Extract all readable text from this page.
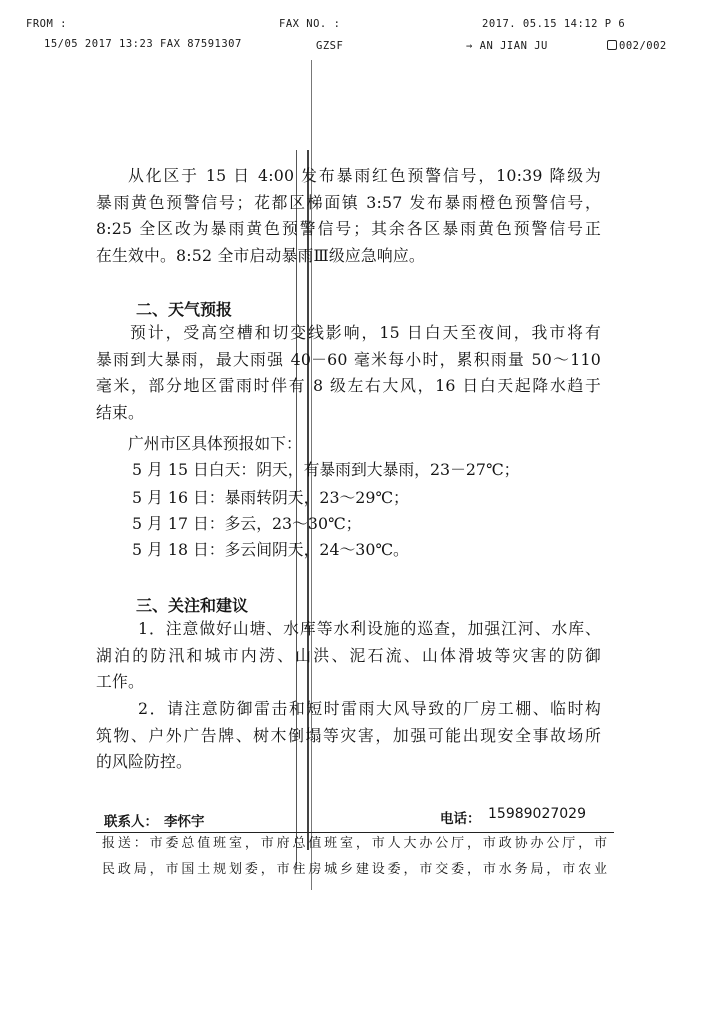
FROM :	FAX NO. :	2017. 05.15 14:12 P 6
15/05 2017 13:23 FAX 87591307	GZSF	→ AN JIAN JU	002/002
从化区于 15 日 4:00 发布暴雨红色预警信号，10:39 降级为
暴雨黄色预警信号；花都区梯面镇 3:57 发布暴雨橙色预警信号，
8:25 全区改为暴雨黄色预警信号；其余各区暴雨黄色预警信号正
在生效中。8:52 全市启动暴雨Ⅲ级应急响应。
二、天气预报
预计，受高空槽和切变线影响，15 日白天至夜间，我市将有
暴雨到大暴雨，最大雨强 40－60 毫米每小时，累积雨量 50～110
毫米，部分地区雷雨时伴有 8 级左右大风，16 日白天起降水趋于
结束。
广州市区具体预报如下：
5 月 15 日白天：阴天，有暴雨到大暴雨，23－27℃；
5 月 16 日：暴雨转阴天，23～29℃；
5 月 17 日：多云，23～30℃；
5 月 18 日：多云间阴天，24～30℃。
三、关注和建议
1．注意做好山塘、水库等水利设施的巡查，加强江河、水库、
湖泊的防汛和城市内涝、山洪、泥石流、山体滑坡等灾害的防御
工作。
2．请注意防御雷击和短时雷雨大风导致的厂房工棚、临时构
筑物、户外广告牌、树木倒塌等灾害，加强可能出现安全事故场所
的风险防控。
联系人： 李怀宇	电话： 15989027029
报送：市委总值班室，市府总值班室，市人大办公厅，市政协办公厅，市
民政局，市国土规划委，市住房城乡建设委，市交委，市水务局，市农业
